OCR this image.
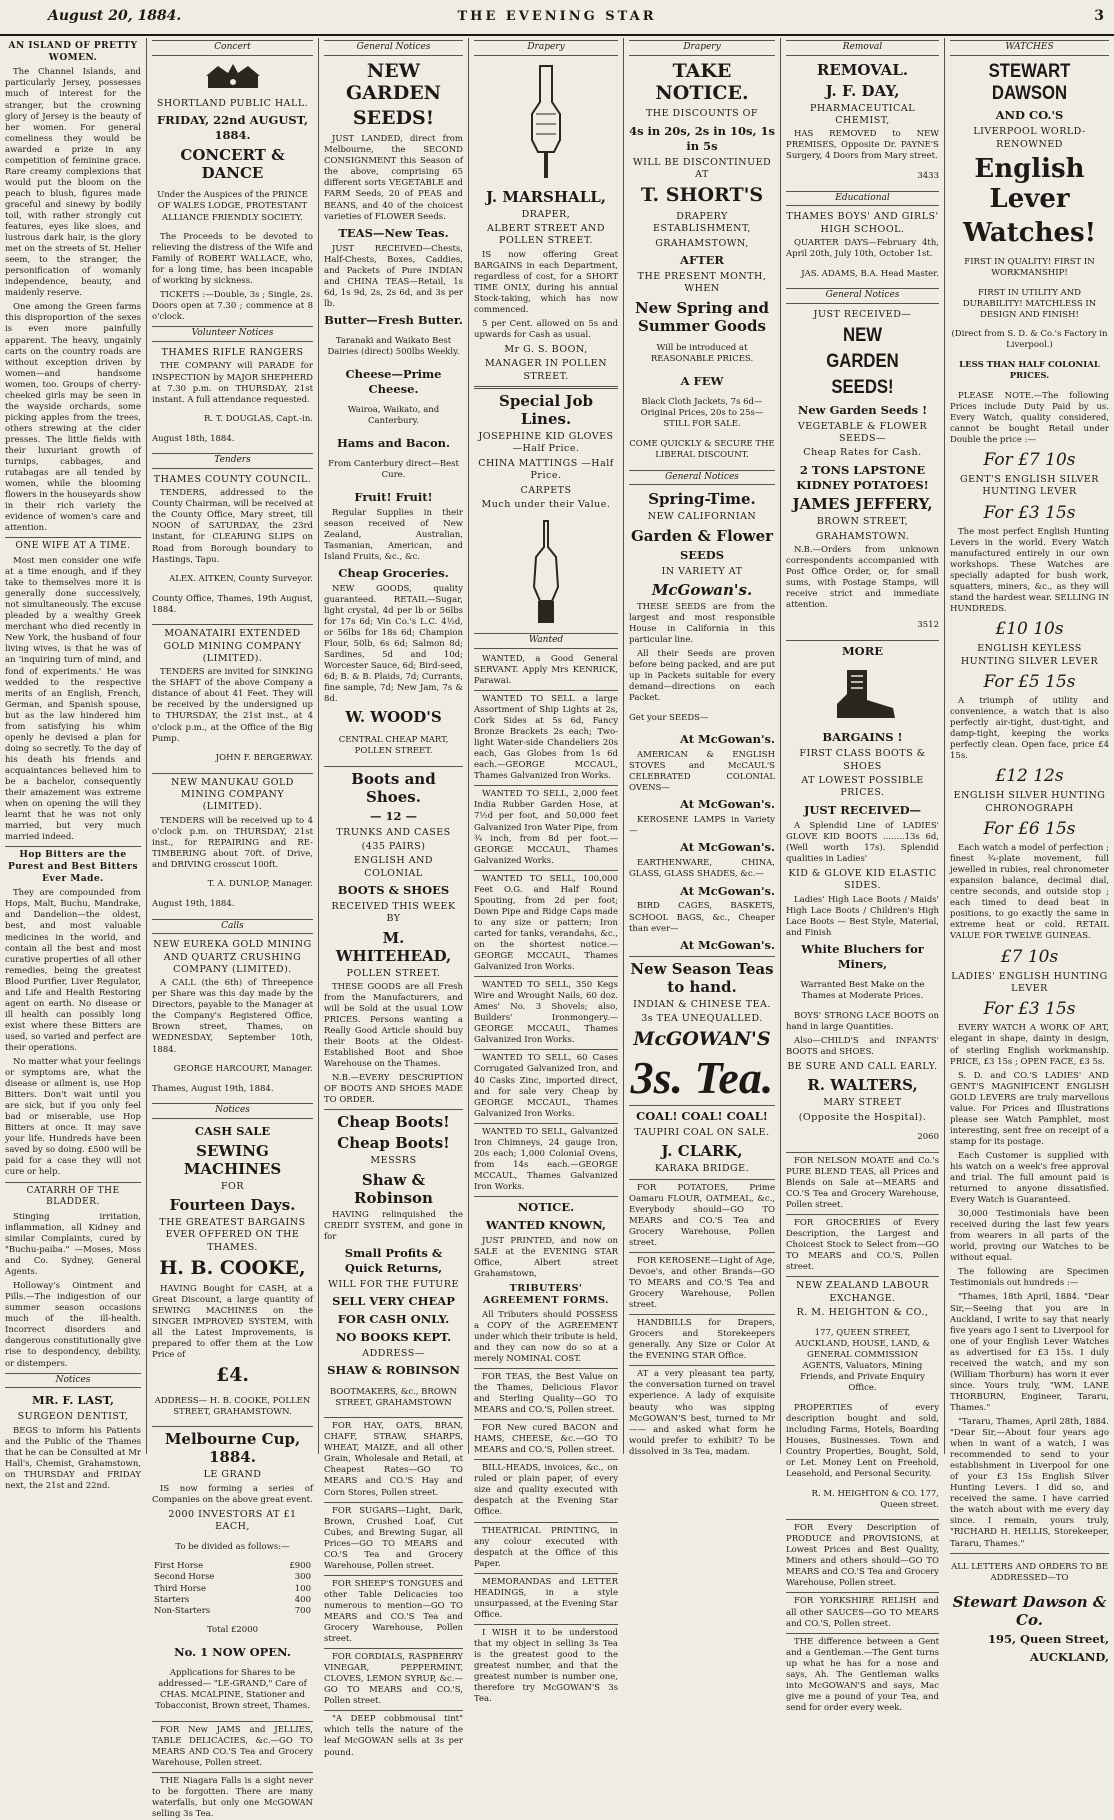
August 20, 1884.	THE EVENING STAR	3
AN ISLAND OF PRETTY WOMEN.

The Channel Islands, and particularly Jersey, possesses much of interest for the stranger, but the crowning glory of Jersey is the beauty of her women. For general comeliness they would be awarded a prize in any competition of feminine grace. Rare creamy complexions that would put the bloom on the peach to blush, figures made graceful and sinewy by bodily toil, with rather strongly cut features, eyes like sloes, and lustrous dark hair, is the glory met on the streets of St. Helier seem, to the stranger, the personification of womanly independence, beauty, and maidenly reserve.

One among the Green farms this disproportion of the sexes is even more painfully apparent. The heavy, ungainly carts on the country roads are without exception driven by women—and handsome women, too. Groups of cherry-cheeked girls may be seen in the wayside orchards, some picking apples from the trees, others strewing at the cider presses. The little fields with their luxuriant growth of turnips, cabbages, and rutabagas are all tended by women, while the blooming flowers in the houseyards show in their rich variety the evidence of women's care and attention.

ONE WIFE AT A TIME.

Most men consider one wife at a time enough, and if they take to themselves more it is generally done successively, not simultaneously. The excuse pleaded by a wealthy Greek merchant who died recently in New York, the husband of four living wives, is that he was of an 'inquiring turn of mind, and fond of experiments.' He was wedded to the respective merits of an English, French, German, and Spanish spouse, but as the law hindered him from satisfying his whim openly he devised a plan for doing so secretly. To the day of his death his friends and acquaintances believed him to be a bachelor, consequently their amazement was extreme when on opening the will they learnt that he was not only married, but very much married indeed.

Hop Bitters are the Purest and Best Bitters Ever Made.

They are compounded from Hops, Malt, Buchu, Mandrake, and Dandelion—the oldest, best, and most valuable medicines in the world, and contain all the best and most curative properties of all other remedies, being the greatest Blood Purifier, Liver Regulator, and Life and Health Restoring agent on earth. No disease or ill health can possibly long exist where these Bitters are used, so varied and perfect are their operations.

No matter what your feelings or symptoms are, what the disease or ailment is, use Hop Bitters. Don't wait until you are sick, but if you only feel bad or miserable, use Hop Bitters at once. It may save your life. Hundreds have been saved by so doing. £500 will be paid for a case they will not cure or help.

CATARRH OF THE BLADDER.

Stinging irritation, inflammation, all Kidney and similar Complaints, cured by "Buchu-paiba." —Moses, Moss and Co. Sydney, General Agents.

Holloway's Ointment and Pills.—The indigestion of our summer season occasions much of the ill-health. Incorrect disorders and dangerous constitutionally give rise to despondency, debility, or distempers.

Notices
MR. F. LAST,
SURGEON DENTIST,

BEGS to inform his Patients and the Public of the Thames that he can be Consulted at Mr Hall's, Chemist, Grahamstown, on THURSDAY and FRIDAY next, the 21st and 22nd.

Concert
SHORTLAND PUBLIC HALL.
FRIDAY, 22nd AUGUST, 1884.
CONCERT & DANCE

Under the Auspices of the PRINCE OF WALES LODGE, PROTESTANT ALLIANCE FRIENDLY SOCIETY.

The Proceeds to be devoted to relieving the distress of the Wife and Family of ROBERT WALLACE, who, for a long time, has been incapable of working by sickness.

TICKETS :—Double, 3s ; Single, 2s. Doors open at 7.30 ; commence at 8 o'clock.

Volunteer Notices
THAMES RIFLE RANGERS

THE COMPANY will PARADE for INSPECTION by MAJOR SHEPHERD at 7.30 p.m. on THURSDAY, 21st instant. A full attendance requested.

R. T. DOUGLAS, Capt.-in.

August 18th, 1884.

Tenders
THAMES COUNTY COUNCIL.

TENDERS, addressed to the County Chairman, will be received at the County Office, Mary street, till NOON of SATURDAY, the 23rd instant, for CLEARING SLIPS on Road from Borough boundary to Hastings, Tapu.

ALEX. AITKEN, County Surveyor.

County Office, Thames, 19th August, 1884.

MOANATAIRI EXTENDED GOLD MINING COMPANY (LIMITED).

TENDERS are invited for SINKING the SHAFT of the above Company a distance of about 41 Feet. They will be received by the undersigned up to THURSDAY, the 21st inst., at 4 o'clock p.m., at the Office of the Big Pump.

JOHN F. BERGERWAY.

NEW MANUKAU GOLD MINING COMPANY (LIMITED).

TENDERS will be received up to 4 o'clock p.m. on THURSDAY, 21st inst., for REPAIRING and RE-TIMBERING about 70ft. of Drive, and DRIVING crosscut 100ft.

T. A. DUNLOP, Manager.

August 19th, 1884.

Calls
NEW EUREKA GOLD MINING AND QUARTZ CRUSHING COMPANY (LIMITED).

A CALL (the 6th) of Threepence per Share was this day made by the Directors, payable to the Manager at the Company's Registered Office, Brown street, Thames, on WEDNESDAY, September 10th, 1884.

GEORGE HARCOURT, Manager.

Thames, August 19th, 1884.

Notices
CASH SALE
SEWING MACHINES
FOR
Fourteen Days.
THE GREATEST BARGAINS EVER OFFERED ON THE THAMES.
H. B. COOKE,

HAVING Bought for CASH, at a Great Discount, a large quantity of SEWING MACHINES on the SINGER IMPROVED SYSTEM, with all the Latest Improvements, is prepared to offer them at the Low Price of

£4.

ADDRESS— H. B. COOKE, POLLEN STREET, GRAHAMSTOWN.

Melbourne Cup, 1884.
LE GRAND

IS now forming a series of Companies on the above great event.

2000 INVESTORS AT £1 EACH,

To be divided as follows:—

First Horse	£900
Second Horse	300
Third Horse	100
Starters	400
Non-Starters	700

Total £2000

No. 1 NOW OPEN.

Applications for Shares to be addressed— "LE-GRAND," Care of CHAS. MCALPINE, Stationer and Tobacconist, Brown street, Thames.

FOR New JAMS and JELLIES, TABLE DELICACIES, &c.—GO TO MEARS AND CO.'S Tea and Grocery Warehouse, Pollen street.

THE Niagara Falls is a sight never to be forgotten. There are many waterfalls, but only one McGOWAN selling 3s Tea.

General Notices
NEW GARDEN
SEEDS!

JUST LANDED, direct from Melbourne, the SECOND CONSIGNMENT this Season of the above, comprising 65 different sorts VEGETABLE and FARM Seeds, 20 of PEAS and BEANS, and 40 of the choicest varieties of FLOWER Seeds.

TEAS—New Teas.

JUST RECEIVED—Chests, Half-Chests, Boxes, Caddies, and Packets of Pure INDIAN and CHINA TEAS—Retail, 1s 6d, 1s 9d, 2s, 2s 6d, and 3s per lb.

Butter—Fresh Butter.

Taranaki and Waikato Best Dairies (direct) 500lbs Weekly.

Cheese—Prime Cheese.

Wairoa, Waikato, and Canterbury.

Hams and Bacon.

From Canterbury direct—Best Cure.

Fruit! Fruit!

Regular Supplies in their season received of New Zealand, Australian, Tasmanian, American, and Island Fruits, &c., &c.

Cheap Groceries.

NEW GOODS, quality guaranteed. RETAIL—Sugar, light crystal, 4d per lb or 56lbs for 17s 6d; Vin Co.'s L.C. 4½d, or 56lbs for 18s 6d; Champion Flour, 50lb, 6s 6d; Salmon 8d; Sardines, 5d and 10d; Worcester Sauce, 6d; Bird-seed, 6d; B. & B. Plaids, 7d; Currants, fine sample, 7d; New Jam, 7s & 8d.

W. WOOD'S

CENTRAL CHEAP MART, POLLEN STREET.

Boots and Shoes.
— 12 —
TRUNKS AND CASES
(435 PAIRS)
ENGLISH AND COLONIAL
BOOTS & SHOES
RECEIVED THIS WEEK BY
M. WHITEHEAD,
POLLEN STREET.

THESE GOODS are all Fresh from the Manufacturers, and will be Sold at the usual LOW PRICES. Persons wanting a Really Good Article should buy their Boots at the Oldest-Established Boot and Shoe Warehouse on the Thames.

N.B.—EVERY DESCRIPTION OF BOOTS AND SHOES MADE TO ORDER.

Cheap Boots!
Cheap Boots!
MESSRS
Shaw & Robinson

HAVING relinquished the CREDIT SYSTEM, and gone in for

Small Profits & Quick Returns,
WILL FOR THE FUTURE
SELL VERY CHEAP
FOR CASH ONLY.
NO BOOKS KEPT.
ADDRESS—
SHAW & ROBINSON

BOOTMAKERS, &c., BROWN STREET, GRAHAMSTOWN

FOR HAY, OATS, BRAN, CHAFF, STRAW, SHARPS, WHEAT, MAIZE, and all other Grain, Wholesale and Retail, at Cheapest Rates—GO TO MEARS and CO.'S Hay and Corn Stores, Pollen street.

FOR SUGARS—Light, Dark, Brown, Crushed Loaf, Cut Cubes, and Brewing Sugar, all Prices—GO TO MEARS and CO.'S Tea and Grocery Warehouse, Pollen street.

FOR SHEEP'S TONGUES and other Table Delicacies too numerous to mention—GO TO MEARS and CO.'S Tea and Grocery Warehouse, Pollen street.

FOR CORDIALS, RASPBERRY VINEGAR, PEPPERMINT, CLOVES, LEMON SYRUP, &c.—GO TO MEARS and CO.'S, Pollen street.

"A DEEP cobbmousal tint" which tells the nature of the leaf McGOWAN sells at 3s per pound.

Drapery
J. MARSHALL,
DRAPER,
ALBERT STREET AND POLLEN STREET.

IS now offering Great BARGAINS in each Department, regardless of cost, for a SHORT TIME ONLY, during his annual Stock-taking, which has now commenced.

5 per Cent. allowed on 5s and upwards for Cash as usual.

Mr G. S. BOON,
MANAGER IN POLLEN STREET.
Special Job Lines.
JOSEPHINE KID GLOVES —Half Price.
CHINA MATTINGS —Half Price.
CARPETS
Much under their Value.
Wanted

WANTED, a Good General SERVANT. Apply Mrs KENRICK, Parawai.

WANTED TO SELL a large Assortment of Ship Lights at 2s, Cork Sides at 5s 6d, Fancy Bronze Brackets 2s each; Two-light Water-side Chandeliers 20s each, Gas Globes from 1s 6d each.—GEORGE MCCAUL, Thames Galvanized Iron Works.

WANTED TO SELL, 2,000 feet India Rubber Garden Hose, at 7½d per foot, and 50,000 feet Galvanized Iron Water Pipe, from ¾ inch, from 8d per foot.—GEORGE MCCAUL, Thames Galvanized Works.

WANTED TO SELL, 100,000 Feet O.G. and Half Round Spouting, from 2d per foot; Down Pipe and Ridge Caps made to any size or pattern; Iron carted for tanks, verandahs, &c., on the shortest notice.—GEORGE MCCAUL, Thames Galvanized Iron Works.

WANTED TO SELL, 350 Kegs Wire and Wrought Nails, 60 doz. Ames' No. 3 Shovels; also, Builders' Ironmongery.—GEORGE MCCAUL, Thames Galvanized Iron Works.

WANTED TO SELL, 60 Cases Corrugated Galvanized Iron, and 40 Casks Zinc, imported direct, and for sale very Cheap by GEORGE MCCAUL, Thames Galvanized Iron Works.

WANTED TO SELL, Galvanized Iron Chimneys, 24 gauge Iron, 20s each; 1,000 Colonial Ovens, from 14s each.—GEORGE MCCAUL, Thames Galvanized Iron Works.

NOTICE.
WANTED KNOWN,

JUST PRINTED, and now on SALE at the EVENING STAR Office, Albert street Grahamstown,

TRIBUTERS' AGREEMENT FORMS.

All Tributers should POSSESS a COPY of the AGREEMENT under which their tribute is held, and they can now do so at a merely NOMINAL COST.

FOR TEAS, the Best Value on the Thames, Delicious Flavor and Sterling Quality—GO TO MEARS and CO.'S, Pollen street.

FOR New cured BACON and HAMS, CHEESE, &c.—GO TO MEARS and CO.'S, Pollen street.

BILL-HEADS, invoices, &c., on ruled or plain paper, of every size and quality executed with despatch at the Evening Star Office.

THEATRICAL PRINTING, in any colour executed with despatch at the Office of this Paper.

MEMORANDAS and LETTER HEADINGS, in a style unsurpassed, at the Evening Star Office.

I WISH it to be understood that my object in selling 3s Tea is the greatest good to the greatest number, and that the greatest number is number one, therefore try McGOWAN'S 3s Tea.

Drapery
TAKE NOTICE.
THE DISCOUNTS OF
4s in 20s, 2s in 10s, 1s in 5s
WILL BE DISCONTINUED AT
T. SHORT'S
DRAPERY ESTABLISHMENT,
GRAHAMSTOWN,
AFTER
THE PRESENT MONTH, WHEN
New Spring and Summer Goods

Will be introduced at REASONABLE PRICES.

A FEW

Black Cloth Jackets, 7s 6d— Original Prices, 20s to 25s— STILL FOR SALE.

COME QUICKLY & SECURE THE LIBERAL DISCOUNT.

General Notices
Spring-Time.
NEW CALIFORNIAN
Garden & Flower
SEEDS
IN VARIETY AT
McGowan's.

THESE SEEDS are from the largest and most responsible House in California in this particular line.

All their Seeds are proven before being packed, and are put up in Packets suitable for every demand—directions on each Packet.

Get your SEEDS—

At McGowan's.

AMERICAN & ENGLISH STOVES and McCAUL'S CELEBRATED COLONIAL OVENS—

At McGowan's.

KEROSENE LAMPS in Variety—

At McGowan's.

EARTHENWARE, CHINA, GLASS, GLASS SHADES, &c.—

At McGowan's.

BIRD CAGES, BASKETS, SCHOOL BAGS, &c., Cheaper than ever—

At McGowan's.
New Season Teas to hand.
INDIAN & CHINESE TEA.
3s TEA UNEQUALLED.
McGOWAN'S
3s. Tea.
COAL! COAL! COAL!
TAUPIRI COAL ON SALE.
J. CLARK,
KARAKA BRIDGE.

FOR POTATOES, Prime Oamaru FLOUR, OATMEAL, &c., Everybody should—GO TO MEARS and CO.'S Tea and Grocery Warehouse, Pollen street.

FOR KEROSENE—Light of Age, Devoe's, and other Brands—GO TO MEARS and CO.'S Tea and Grocery Warehouse, Pollen street.

HANDBILLS for Drapers, Grocers and Storekeepers generally. Any Size or Color At the EVENING STAR Office.

AT a very pleasant tea party, the conversation turned on travel experience. A lady of exquisite beauty who was sipping McGOWAN'S best, turned to Mr —— and asked what form he would prefer to exhibit? To be dissolved in 3s Tea, madam.

Removal
REMOVAL.
J. F. DAY,
PHARMACEUTICAL CHEMIST,

HAS REMOVED to NEW PREMISES, Opposite Dr. PAYNE'S Surgery, 4 Doors from Mary street.

3433

Educational
THAMES BOYS' AND GIRLS' HIGH SCHOOL.

QUARTER DAYS—February 4th, April 20th, July 10th, October 1st.

JAS. ADAMS, B.A. Head Master.

General Notices
JUST RECEIVED—
NEW
GARDEN
SEEDS!
New Garden Seeds !
VEGETABLE & FLOWER SEEDS—
Cheap Rates for Cash.
2 TONS LAPSTONE KIDNEY POTATOES!
JAMES JEFFERY,
BROWN STREET,
GRAHAMSTOWN.

N.B.—Orders from unknown correspondents accompanied with Post Office Order, or, for small sums, with Postage Stamps, will receive strict and immediate attention.

3512

MORE
BARGAINS !
FIRST CLASS BOOTS & SHOES
AT LOWEST POSSIBLE PRICES.
JUST RECEIVED—

A Splendid Line of LADIES' GLOVE KID BOOTS ........13s 6d, (Well worth 17s). Splendid qualities in Ladies'

KID & GLOVE KID ELASTIC SIDES.

Ladies' High Lace Boots / Maids' High Lace Boots / Children's High Lace Boots — Best Style, Material, and Finish

White Bluchers for Miners,

Warranted Best Make on the Thames at Moderate Prices.

BOYS' STRONG LACE BOOTS on hand in large Quantities.

Also—CHILD'S and INFANTS' BOOTS and SHOES.

BE SURE AND CALL EARLY.
R. WALTERS,
MARY STREET
(Opposite the Hospital).

2060

FOR NELSON MOATE and Co.'s PURE BLEND TEAS, all Prices and Blends on Sale at—MEARS and CO.'S Tea and Grocery Warehouse, Pollen street.

FOR GROCERIES of Every Description, the Largest and Choicest Stock to Select from—GO TO MEARS and CO.'S, Pollen street.

NEW ZEALAND LABOUR EXCHANGE.
R. M. HEIGHTON & CO.,

177, QUEEN STREET, AUCKLAND, HOUSE, LAND, & GENERAL COMMISSION AGENTS, Valuators, Mining Friends, and Private Enquiry Office.

PROPERTIES of every description bought and sold, including Farms, Hotels, Boarding Houses, Businesses. Town and Country Properties, Bought, Sold, or Let. Money Lent on Freehold, Leasehold, and Personal Security.

R. M. HEIGHTON & CO. 177, Queen street.

FOR Every Description of PRODUCE and PROVISIONS, at Lowest Prices and Best Quality, Miners and others should—GO TO MEARS and CO.'S Tea and Grocery Warehouse, Pollen street.

FOR YORKSHIRE RELISH and all other SAUCES—GO TO MEARS and CO.'S, Pollen street.

THE difference between a Gent and a Gentleman.—The Gent turns up what he has for a nose and says, Ah. The Gentleman walks into McGOWAN'S and says, Mac give me a pound of your Tea, and send for order every week.

WATCHES
STEWART DAWSON
AND CO.'S
LIVERPOOL WORLD-RENOWNED
English Lever
Watches!

FIRST IN QUALITY! FIRST IN WORKMANSHIP!

FIRST IN UTILITY AND DURABILITY! MATCHLESS IN DESIGN AND FINISH!

(Direct from S. D. & Co.'s Factory in Liverpool.)

LESS THAN HALF COLONIAL PRICES.

PLEASE NOTE.—The following Prices include Duty Paid by us. Every Watch, quality considered, cannot be bought Retail under Double the price :—

For £7 10s
GENT'S ENGLISH SILVER HUNTING LEVER
For £3 15s

The most perfect English Hunting Levers in the world. Every Watch manufactured entirely in our own workshops. These Watches are specially adapted for bush work, squatters, miners, &c., as they will stand the hardest wear. SELLING IN HUNDREDS.

£10 10s
ENGLISH KEYLESS HUNTING SILVER LEVER
For £5 15s

A triumph of utility and convenience, a watch that is also perfectly air-tight, dust-tight, and damp-tight, keeping the works perfectly clean. Open face, price £4 15s.

£12 12s
ENGLISH SILVER HUNTING CHRONOGRAPH
For £6 15s

Each watch a model of perfection ; finest ¾-plate movement, full jewelled in rubies, real chronometer expansion balance, decimal dial, centre seconds, and outside stop ; each timed to dead beat in positions, to go exactly the same in extreme heat or cold. RETAIL VALUE FOR TWELVE GUINEAS.

£7 10s
LADIES' ENGLISH HUNTING LEVER
For £3 15s

EVERY WATCH A WORK OF ART, elegant in shape, dainty in design, of sterling English workmanship. PRICE, £3 15s ; OPEN FACE, £3 5s.

S. D. and CO.'S LADIES' AND GENT'S MAGNIFICENT ENGLISH GOLD LEVERS are truly marvellous value. For Prices and Illustrations please see Watch Pamphlet, most interesting, sent free on receipt of a stamp for its postage.

Each Customer is supplied with his watch on a week's free approval and trial. The full amount paid is returned to anyone dissatisfied. Every Watch is Guaranteed.

30,000 Testimonials have been received during the last few years from wearers in all parts of the world, proving our Watches to be without equal.

The following are Specimen Testimonials out hundreds :—

"Thames, 18th April, 1884. "Dear Sir,—Seeing that you are in Auckland, I write to say that nearly five years ago I sent to Liverpool for one of your English Lever Watches as advertised for £3 15s. I duly received the watch, and my son (William Thorburn) has worn it ever since. Yours truly, "WM. LANE THORBURN, Engineer, Tararu, Thames."

"Tararu, Thames, April 28th, 1884. "Dear Sir,—About four years ago when in want of a watch, I was recommended to send to your establishment in Liverpool for one of your £3 15s English Silver Hunting Levers. I did so, and received the same. I have carried the watch about with me every day since. I remain, yours truly, "RICHARD H. HELLIS, Storekeeper, Tararu, Thames."

ALL LETTERS AND ORDERS TO BE ADDRESSED—TO

Stewart Dawson & Co.
195, Queen Street,
AUCKLAND,
